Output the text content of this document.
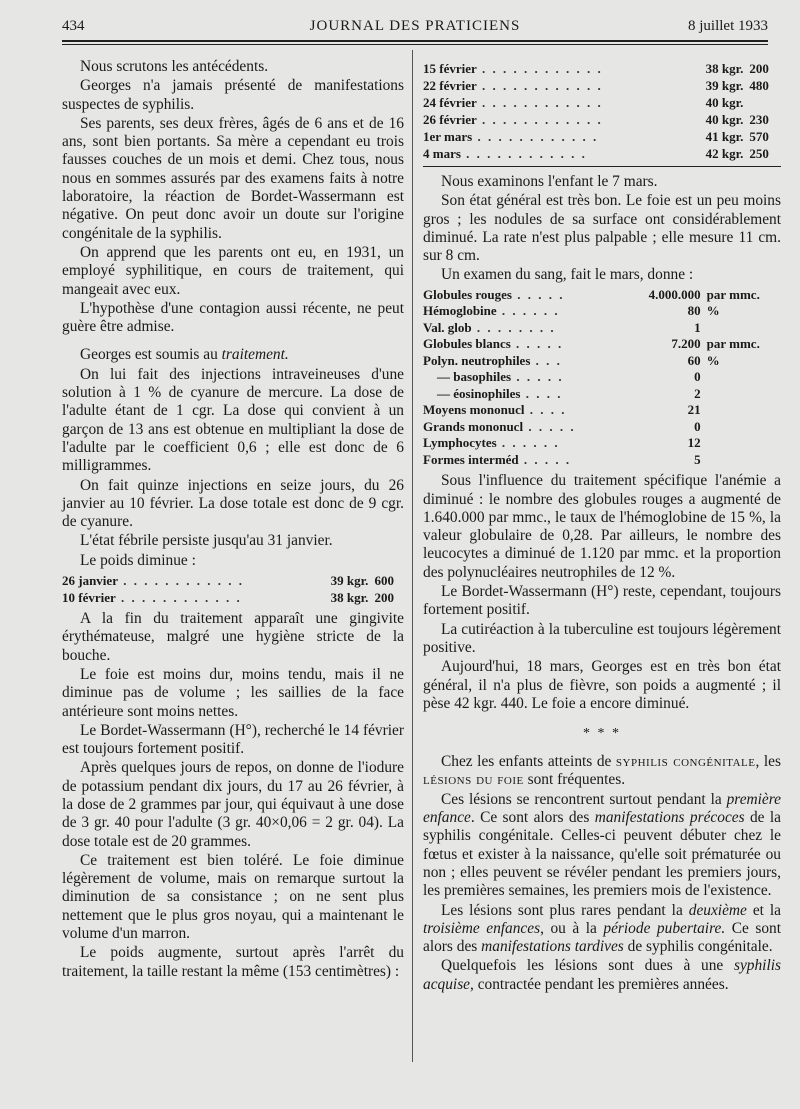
434	JOURNAL DES PRATICIENS	8 juillet 1933

Nous scrutons les antécédents.

Georges n'a jamais présenté de manifestations suspectes de syphilis.

Ses parents, ses deux frères, âgés de 6 ans et de 16 ans, sont bien portants. Sa mère a cependant eu trois fausses couches de un mois et demi. Chez tous, nous nous en sommes assurés par des examens faits à notre laboratoire, la réaction de Bordet-Wassermann est négative. On peut donc avoir un doute sur l'origine congénitale de la syphilis.

On apprend que les parents ont eu, en 1931, un employé syphilitique, en cours de traitement, qui mangeait avec eux.

L'hypothèse d'une contagion aussi récente, ne peut guère être admise.

Georges est soumis au traitement.

On lui fait des injections intraveineuses d'une solution à 1 % de cyanure de mercure. La dose de l'adulte étant de 1 cgr. La dose qui convient à un garçon de 13 ans est obtenue en multipliant la dose de l'adulte par le coefficient 0,6 ; elle est donc de 6 milligrammes.

On fait quinze injections en seize jours, du 26 janvier au 10 février. La dose totale est donc de 9 cgr. de cyanure.

L'état fébrile persiste jusqu'au 31 janvier.

Le poids diminue :

26 janvier . . . . . . . . . . . .	39 kgr.	600
10 février . . . . . . . . . . . .	38 kgr.	200

A la fin du traitement apparaît une gingivite érythémateuse, malgré une hygiène stricte de la bouche.

Le foie est moins dur, moins tendu, mais il ne diminue pas de volume ; les saillies de la face antérieure sont moins nettes.

Le Bordet-Wassermann (H°), recherché le 14 février est toujours fortement positif.

Après quelques jours de repos, on donne de l'iodure de potassium pendant dix jours, du 17 au 26 février, à la dose de 2 grammes par jour, qui équivaut à une dose de 3 gr. 40 pour l'adulte (3 gr. 40×0,06 = 2 gr. 04). La dose totale est de 20 grammes.

Ce traitement est bien toléré. Le foie diminue légèrement de volume, mais on remarque surtout la diminution de sa consistance ; on ne sent plus nettement que le plus gros noyau, qui a maintenant le volume d'un marron.

Le poids augmente, surtout après l'arrêt du traitement, la taille restant la même (153 centimètres) :

15 février . . . . . . . . . . . .	38 kgr.	200
22 février . . . . . . . . . . . .	39 kgr.	480
24 février . . . . . . . . . . . .	40 kgr.	
26 février . . . . . . . . . . . .	40 kgr.	230
1er mars . . . . . . . . . . . .	41 kgr.	570
4 mars . . . . . . . . . . . .	42 kgr.	250

Nous examinons l'enfant le 7 mars.

Son état général est très bon. Le foie est un peu moins gros ; les nodules de sa surface ont considérablement diminué. La rate n'est plus palpable ; elle mesure 11 cm. sur 8 cm.

Un examen du sang, fait le mars, donne :

Globules rouges . . . . .	4.000.000	par mmc.
Hémoglobine . . . . . .	80	%
Val. glob . . . . . . . .	1	
Globules blancs . . . . .	7.200	par mmc.
Polyn. neutrophiles . . .	60	%
— basophiles . . . . .	0	
— éosinophiles . . . .	2	
Moyens mononucl . . . .	21	
Grands mononucl . . . . .	0	
Lymphocytes . . . . . .	12	
Formes interméd . . . . .	5	

Sous l'influence du traitement spécifique l'anémie a diminué : le nombre des globules rouges a augmenté de 1.640.000 par mmc., le taux de l'hémoglobine de 15 %, la valeur globulaire de 0,28. Par ailleurs, le nombre des leucocytes a diminué de 1.120 par mmc. et la proportion des polynucléaires neutrophiles de 12 %.

Le Bordet-Wassermann (H°) reste, cependant, toujours fortement positif.

La cutiréaction à la tuberculine est toujours légèrement positive.

Aujourd'hui, 18 mars, Georges est en très bon état général, il n'a plus de fièvre, son poids a augmenté ; il pèse 42 kgr. 440. Le foie a encore diminué.

* * *

Chez les enfants atteints de syphilis congénitale, les lésions du foie sont fréquentes.

Ces lésions se rencontrent surtout pendant la première enfance. Ce sont alors des manifestations précoces de la syphilis congénitale. Celles-ci peuvent débuter chez le fœtus et exister à la naissance, qu'elle soit prématurée ou non ; elles peuvent se révéler pendant les premiers jours, les premières semaines, les premiers mois de l'existence.

Les lésions sont plus rares pendant la deuxième et la troisième enfances, ou à la période pubertaire. Ce sont alors des manifestations tardives de syphilis congénitale.

Quelquefois les lésions sont dues à une syphilis acquise, contractée pendant les premières années.
